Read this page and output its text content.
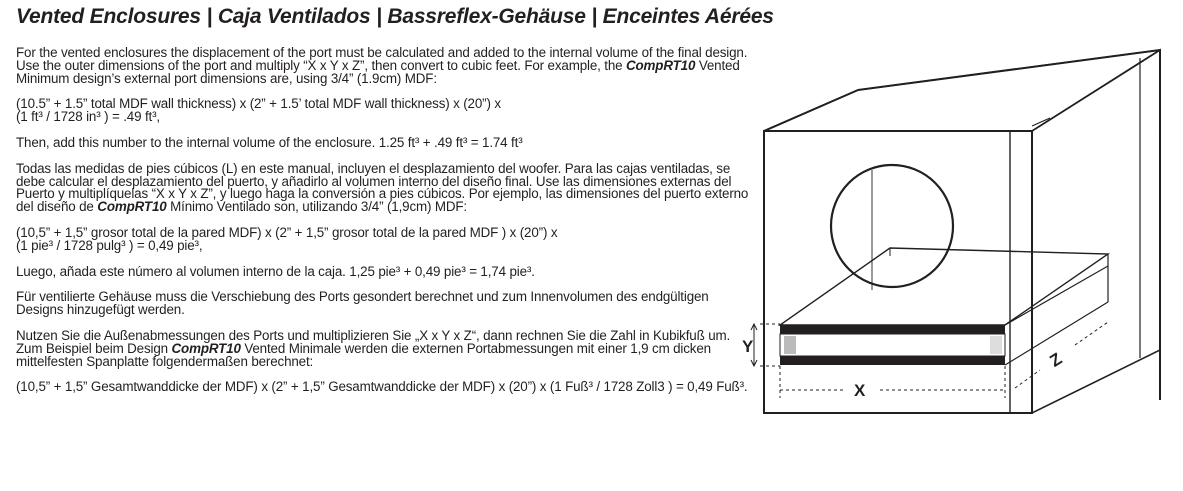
Vented Enclosures | Caja Ventilados | Bassreflex-Gehäuse | Enceintes Aérées

For the vented enclosures the displacement of the port must be calculated and added to the internal volume of the final design. Use the outer dimensions of the port and multiply “X x Y x Z”, then convert to cubic feet. For example, the CompRT10 Vented Minimum design’s external port dimensions are, using 3/4” (1.9cm) MDF:

(10.5” + 1.5” total MDF wall thickness) x (2” + 1.5’ total MDF wall thickness) x (20”) x

(1 ft³ / 1728 in³ ) = .49 ft³,

Then, add this number to the internal volume of the enclosure. 1.25 ft³ + .49 ft³ = 1.74 ft³

Todas las medidas de pies cúbicos (L) en este manual, incluyen el desplazamiento del woofer. Para las cajas ventiladas, se debe calcular el desplazamiento del puerto, y añadirlo al volumen interno del diseño final. Use las dimensiones externas del Puerto y multiplíquelas “X x Y x Z”, y luego haga la conversión a pies cúbicos. Por ejemplo, las dimensiones del puerto externo del diseño de CompRT10 Mínimo Ventilado son, utilizando 3/4” (1,9cm) MDF:

(10,5” + 1,5” grosor total de la pared MDF) x (2” + 1,5” grosor total de la pared MDF ) x (20”) x

(1 pie³ / 1728 pulg³ ) = 0,49 pie³,

Luego, añada este número al volumen interno de la caja. 1,25 pie³ + 0,49 pie³ = 1,74 pie³.

Für ventilierte Gehäuse muss die Verschiebung des Ports gesondert berechnet und zum Innenvolumen des endgültigen Designs hinzugefügt werden.

Nutzen Sie die Außenabmessungen des Ports und multiplizieren Sie „X x Y x Z“, dann rechnen Sie die Zahl in Kubikfuß um. Zum Beispiel beim Design CompRT10 Vented Minimale werden die externen Portabmessungen mit einer 1,9 cm dicken mittelfesten Spanplatte folgendermaßen berechnet:

(10,5” + 1,5” Gesamtwanddicke der MDF) x (2” + 1,5” Gesamtwanddicke der MDF) x (20”) x (1 Fuß³ / 1728 Zoll3 ) = 0,49 Fuß³.

Y
X
Z
